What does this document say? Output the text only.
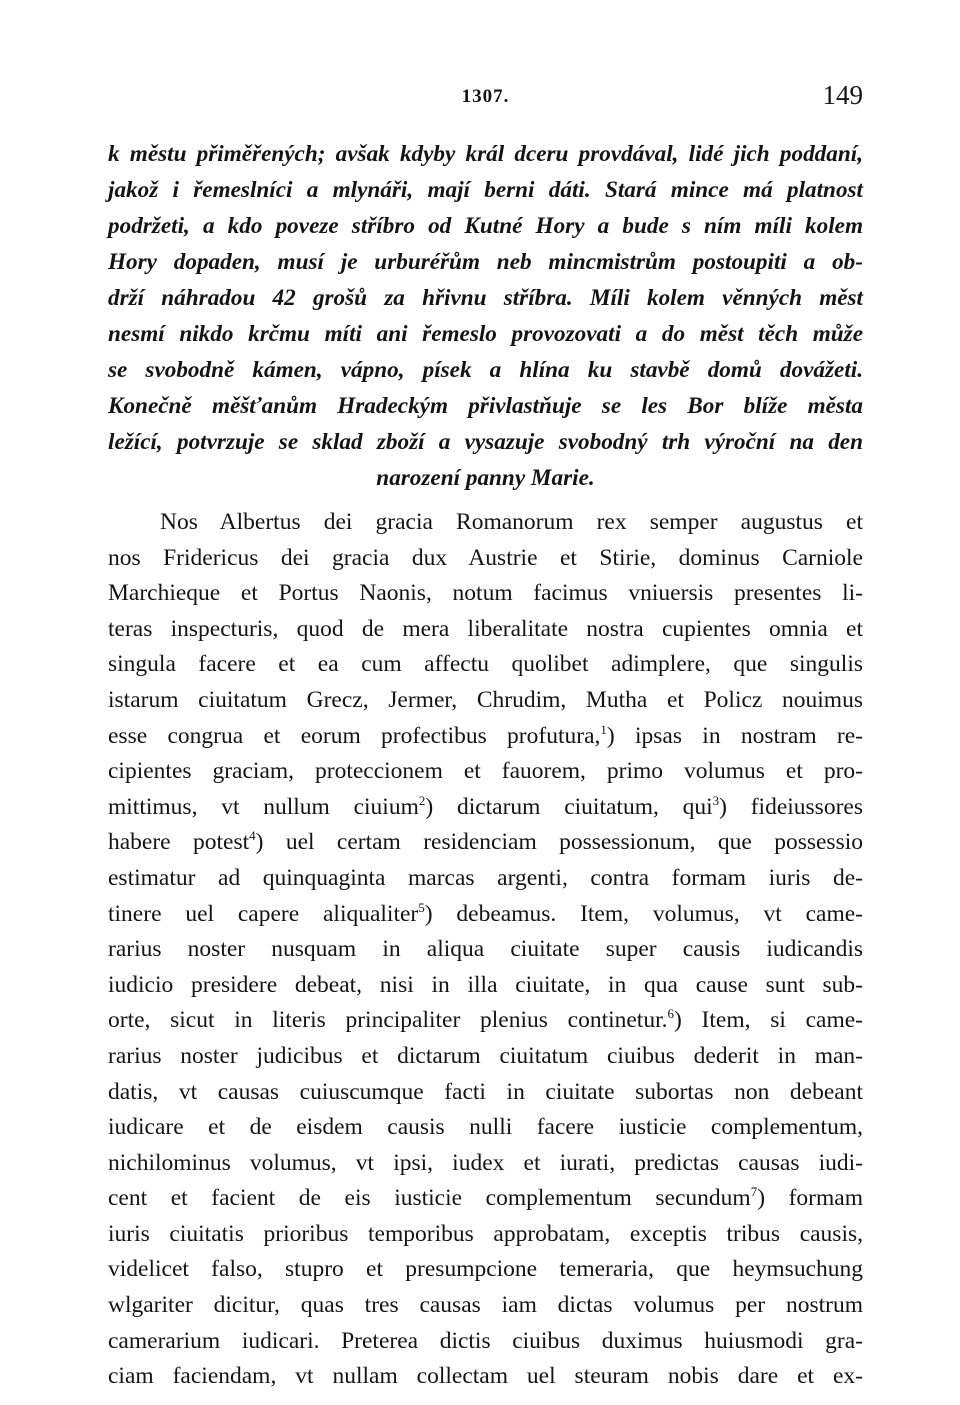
1307.	149

k městu přiměřených; avšak kdyby král dceru provdával, lidé jich poddaní,
jakož i řemeslníci a mlynáři, mají berni dáti. Stará mince má platnost
podržeti, a kdo poveze stříbro od Kutné Hory a bude s ním míli kolem
Hory dopaden, musí je urburéřům neb mincmistrům postoupiti a ob-
drží náhradou 42 grošů za hřivnu stříbra. Míli kolem věnných měst
nesmí nikdo krčmu míti ani řemeslo provozovati a do měst těch může
se svobodně kámen, vápno, písek a hlína ku stavbě domů dovážeti.
Konečně měšťanům Hradeckým přivlastňuje se les Bor blíže města
ležící, potvrzuje se sklad zboží a vysazuje svobodný trh výroční na den
narození panny Marie.

Nos Albertus dei gracia Romanorum rex semper augustus et
nos Fridericus dei gracia dux Austrie et Stirie, dominus Carniole
Marchieque et Portus Naonis, notum facimus vniuersis presentes li-
teras inspecturis, quod de mera liberalitate nostra cupientes omnia et
singula facere et ea cum affectu quolibet adimplere, que singulis
istarum ciuitatum Grecz, Jermer, Chrudim, Mutha et Policz nouimus
esse congrua et eorum profectibus profutura,$^1$) ipsas in nostram re-
cipientes graciam, proteccionem et fauorem, primo volumus et pro-
mittimus, vt nullum ciuium$^2$) dictarum ciuitatum, qui$^3$) fideiussores
habere potest$^4$) uel certam residenciam possessionum, que possessio
estimatur ad quinquaginta marcas argenti, contra formam iuris de-
tinere uel capere aliqualiter$^5$) debeamus. Item, volumus, vt came-
rarius noster nusquam in aliqua ciuitate super causis iudicandis
iudicio presidere debeat, nisi in illa ciuitate, in qua cause sunt sub-
orte, sicut in literis principaliter plenius continetur.$^6$) Item, si came-
rarius noster judicibus et dictarum ciuitatum ciuibus dederit in man-
datis, vt causas cuiuscumque facti in ciuitate subortas non debeant
iudicare et de eisdem causis nulli facere iusticie complementum,
nichilominus volumus, vt ipsi, iudex et iurati, predictas causas iudi-
cent et facient de eis iusticie complementum secundum$^7$) formam
iuris ciuitatis prioribus temporibus approbatam, exceptis tribus causis,
videlicet falso, stupro et presumpcione temeraria, que heymsuchung
wlgariter dicitur, quas tres causas iam dictas volumus per nostrum
camerarium iudicari. Preterea dictis ciuibus duximus huiusmodi gra-
ciam faciendam, vt nullam collectam uel steuram nobis dare et ex-
